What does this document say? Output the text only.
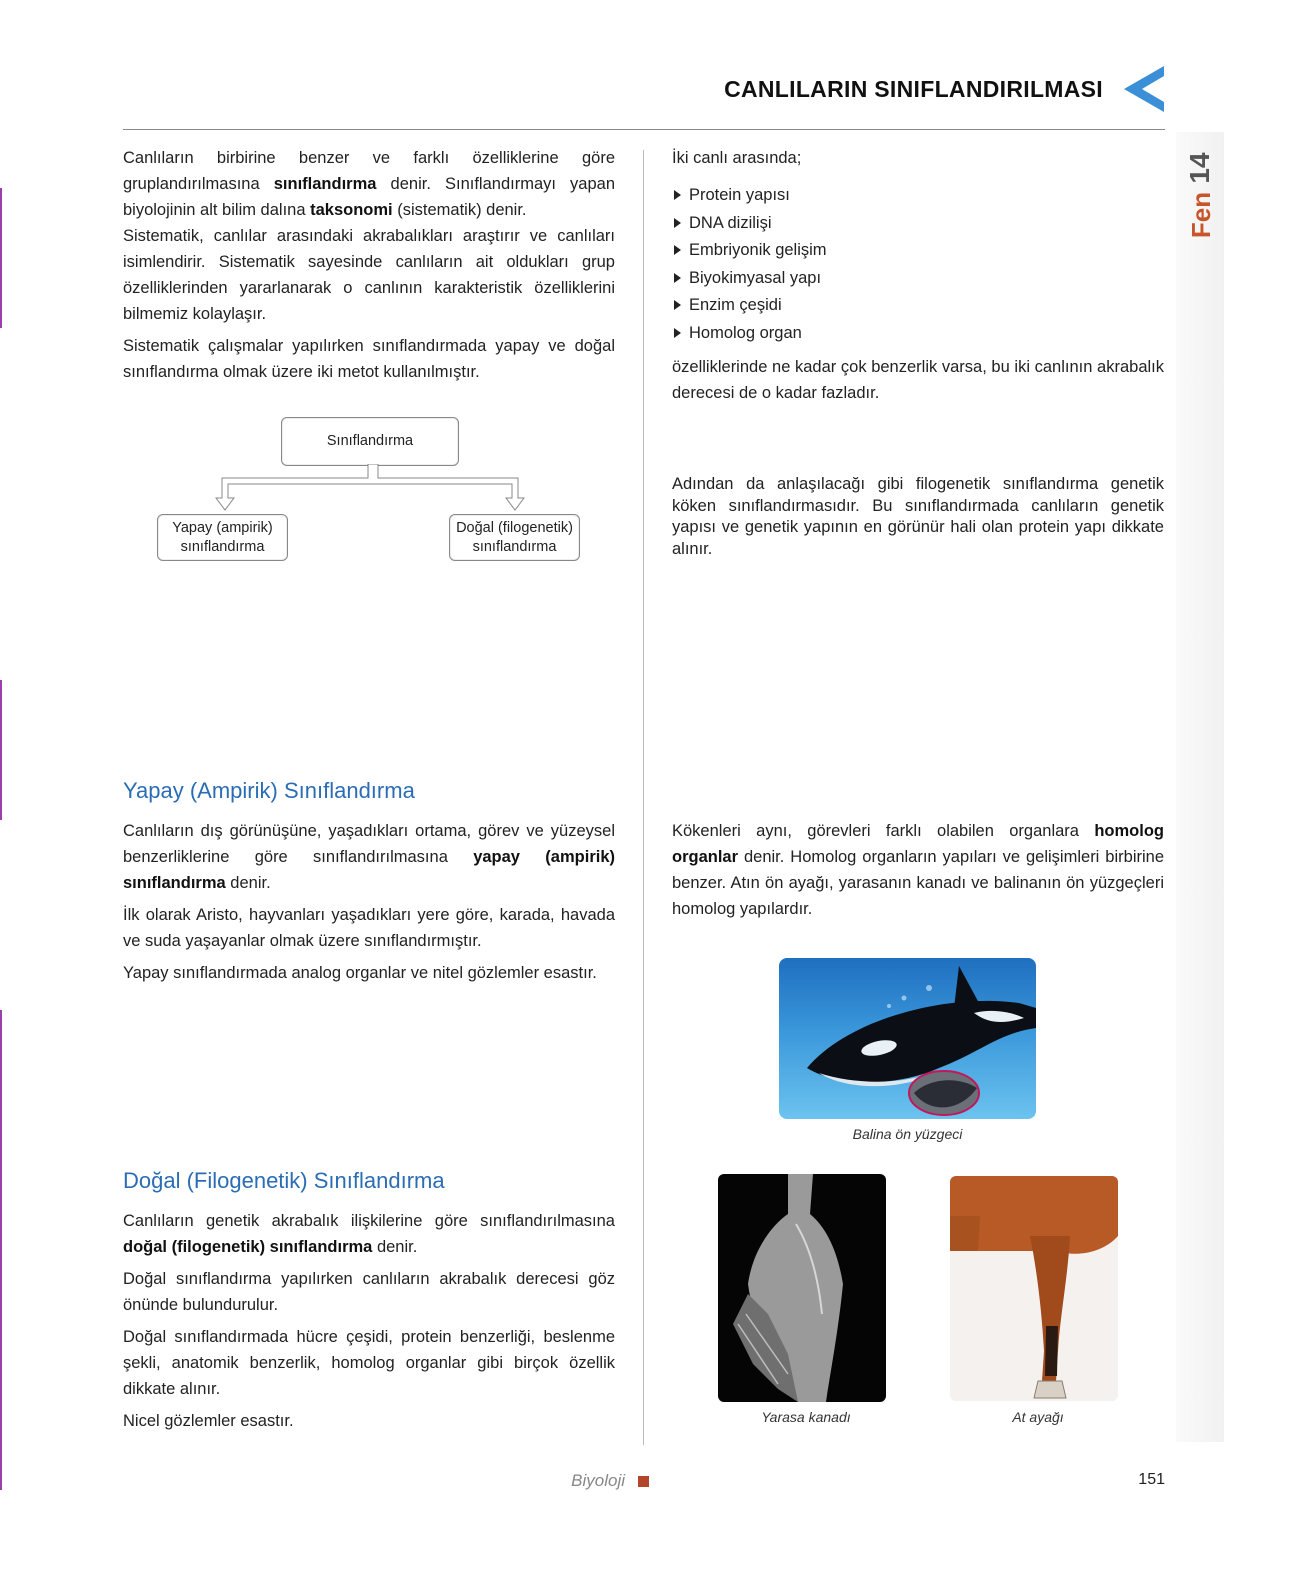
CANLILARIN SINIFLANDIRILMASI
14
Fen

Canlıların birbirine benzer ve farklı özelliklerine göre gruplandırılmasına sınıflandırma denir. Sınıflandırmayı yapan biyolojinin alt bilim dalına taksonomi (sistematik) denir.

Sistematik, canlılar arasındaki akrabalıkları araştırır ve canlıları isimlendirir. Sistematik sayesinde canlıların ait oldukları grup özelliklerinden yararlanarak o canlının karakteristik özelliklerini bilmemiz kolaylaşır.

Sistematik çalışmalar yapılırken sınıflandırmada yapay ve doğal sınıflandırma olmak üzere iki metot kullanılmıştır.

Sınıflandırma
Yapay (ampirik)
sınıflandırma
Doğal (filogenetik)
sınıflandırma
Yapay (Ampirik) Sınıflandırma

Canlıların dış görünüşüne, yaşadıkları ortama, görev ve yüzeysel benzerliklerine göre sınıflandırılmasına yapay (ampirik) sınıflandırma denir.

İlk olarak Aristo, hayvanları yaşadıkları yere göre, karada, havada ve suda yaşayanlar olmak üzere sınıflandırmıştır.

Yapay sınıflandırmada analog organlar ve nitel gözlemler esastır.

Doğal (Filogenetik) Sınıflandırma

Canlıların genetik akrabalık ilişkilerine göre sınıflandırılmasına doğal (filogenetik) sınıflandırma denir.

Doğal sınıflandırma yapılırken canlıların akrabalık derecesi göz önünde bulundurulur.

Doğal sınıflandırmada hücre çeşidi, protein benzerliği, beslenme şekli, anatomik benzerlik, homolog organlar gibi birçok özellik dikkate alınır.

Nicel gözlemler esastır.

İki canlı arasında;
Protein yapısı
DNA dizilişi
Embriyonik gelişim
Biyokimyasal yapı
Enzim çeşidi
Homolog organ

özelliklerinde ne kadar çok benzerlik varsa, bu iki canlının akrabalık derecesi de o kadar fazladır.

Adından da anlaşılacağı gibi filogenetik sınıflandırma genetik köken sınıflandırmasıdır. Bu sınıflandırmada canlıların genetik yapısı ve genetik yapının en görünür hali olan protein yapı dikkate alınır.

Kökenleri aynı, görevleri farklı olabilen organlara homolog organlar denir. Homolog organların yapıları ve gelişimleri birbirine benzer. Atın ön ayağı, yarasanın kanadı ve balinanın ön yüzgeçleri homolog yapılardır.

Balina ön yüzgeci
Yarasa kanadı	At ayağı
Biyoloji	151
